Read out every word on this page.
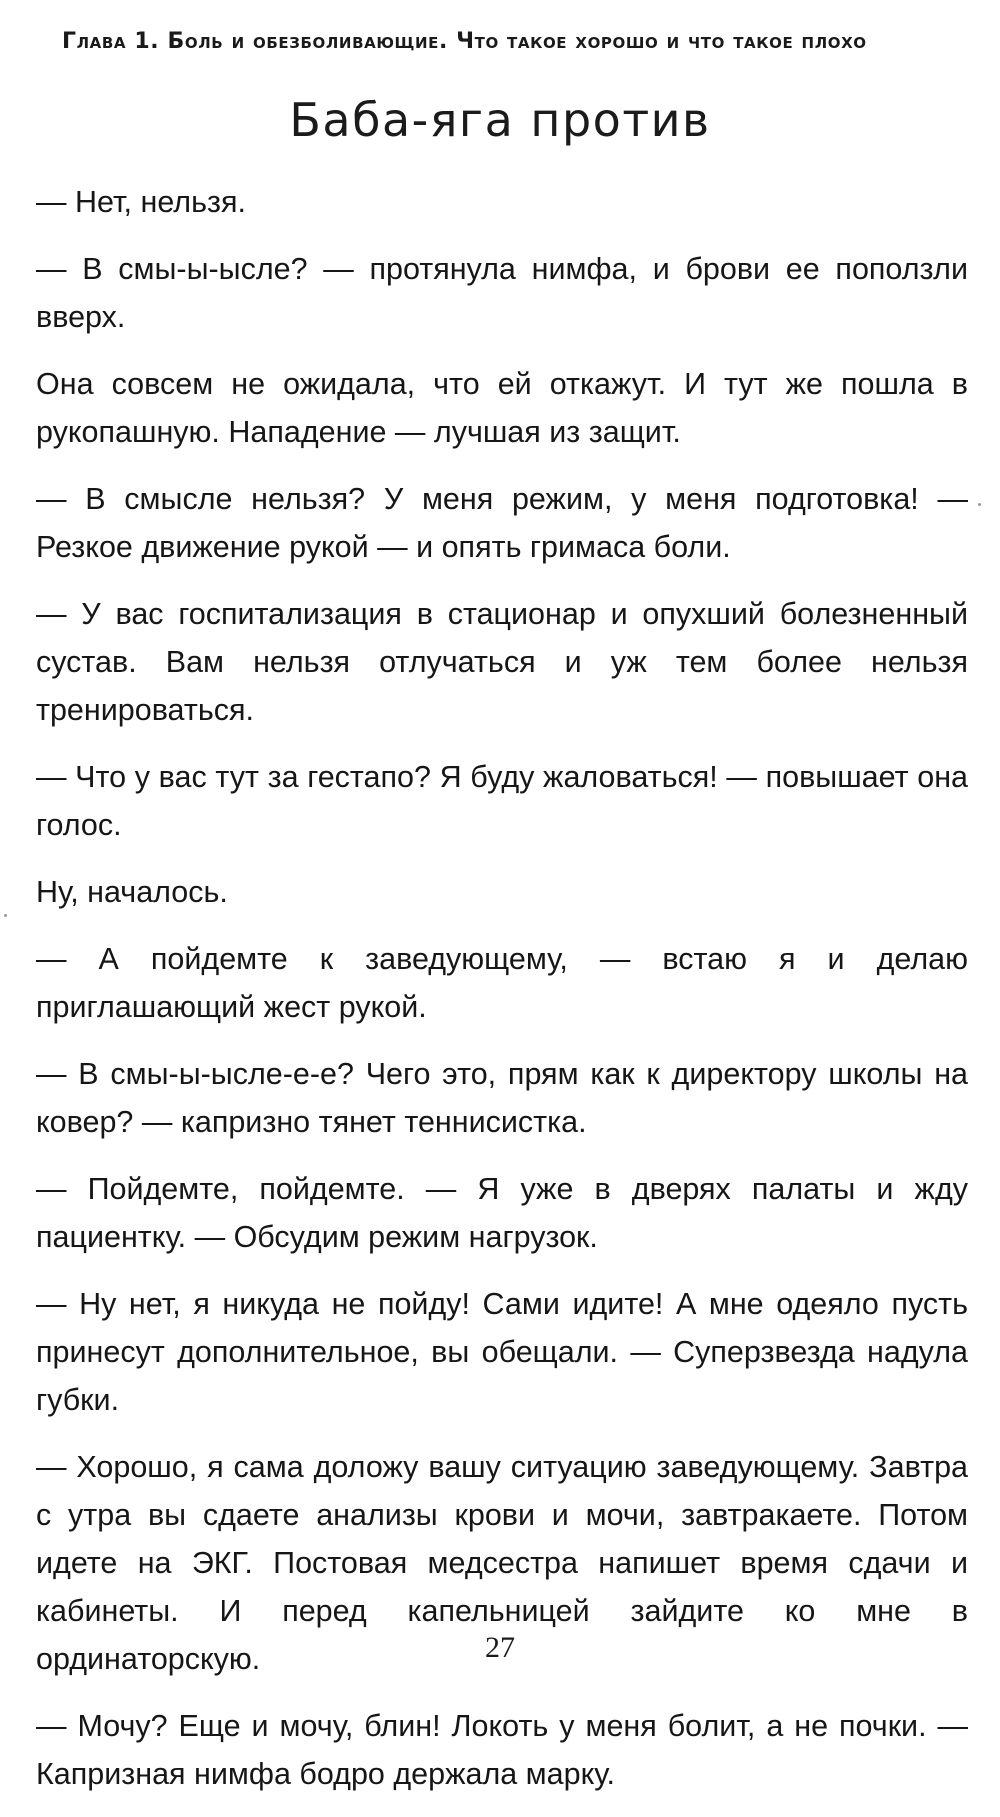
Глава 1. Боль и обезболивающие. Что такое хорошо и что такое плохо
Баба-яга против

— Нет, нельзя.

— В смы-ы-ысле? — протянула нимфа, и брови ее поползли вверх.

Она совсем не ожидала, что ей откажут. И тут же пошла в рукопашную. Нападение — лучшая из защит.

— В смысле нельзя? У меня режим, у меня подготовка! — Резкое движение рукой — и опять гримаса боли.

— У вас госпитализация в стационар и опухший болезненный сустав. Вам нельзя отлучаться и уж тем более нельзя тренироваться.

— Что у вас тут за гестапо? Я буду жаловаться! — повышает она голос.

Ну, началось.

— А пойдемте к заведующему, — встаю я и делаю приглашающий жест рукой.

— В смы-ы-ысле-е-е? Чего это, прям как к директору школы на ковер? — капризно тянет теннисистка.

— Пойдемте, пойдемте. — Я уже в дверях палаты и жду пациентку. — Обсудим режим нагрузок.

— Ну нет, я никуда не пойду! Сами идите! А мне одеяло пусть принесут дополнительное, вы обещали. — Суперзвезда надула губки.

— Хорошо, я сама доложу вашу ситуацию заведующему. Завтра с утра вы сдаете анализы крови и мочи, завтракаете. Потом идете на ЭКГ. Постовая медсестра напишет время сдачи и кабинеты. И перед капельницей зайдите ко мне в ординаторскую.

— Мочу? Еще и мочу, блин! Локоть у меня болит, а не почки. — Капризная нимфа бодро держала марку.

27
